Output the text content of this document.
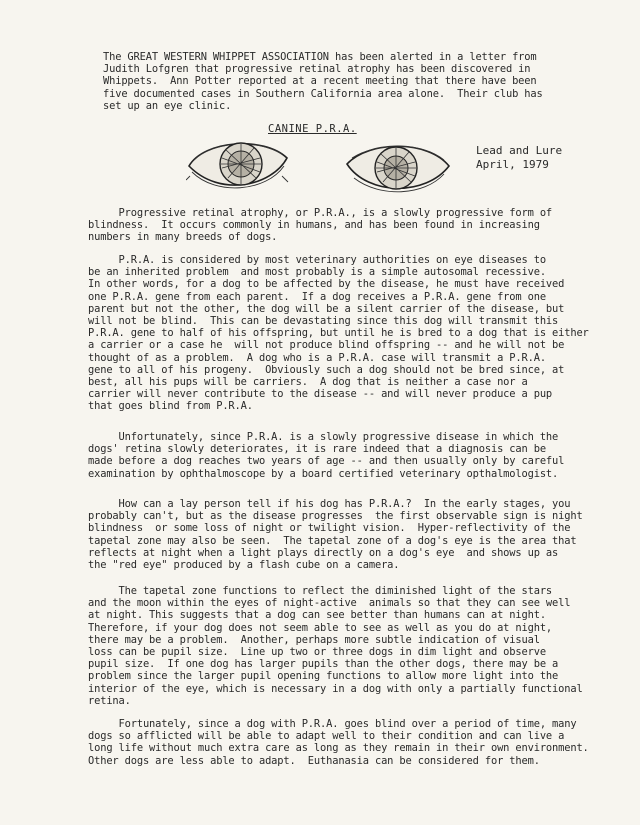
The GREAT WESTERN WHIPPET ASSOCIATION has been alerted in a letter from
Judith Lofgren that progressive retinal atrophy has been discovered in
Whippets.  Ann Potter reported at a recent meeting that there have been
five documented cases in Southern California area alone.  Their club has
set up an eye clinic.

CANINE P.R.A.
Lead and Lure
April, 1979

Progressive retinal atrophy, or P.R.A., is a slowly progressive form of
blindness.  It occurs commonly in humans, and has been found in increasing
numbers in many breeds of dogs.

P.R.A. is considered by most veterinary authorities on eye diseases to
be an inherited problem  and most probably is a simple autosomal recessive.
In other words, for a dog to be affected by the disease, he must have received
one P.R.A. gene from each parent.  If a dog receives a P.R.A. gene from one
parent but not the other, the dog will be a silent carrier of the disease, but
will not be blind.  This can be devastating since this dog will transmit this
P.R.A. gene to half of his offspring, but until he is bred to a dog that is either
a carrier or a case he  will not produce blind offspring -- and he will not be
thought of as a problem.  A dog who is a P.R.A. case will transmit a P.R.A.
gene to all of his progeny.  Obviously such a dog should not be bred since, at
best, all his pups will be carriers.  A dog that is neither a case nor a
carrier will never contribute to the disease -- and will never produce a pup
that goes blind from P.R.A.

Unfortunately, since P.R.A. is a slowly progressive disease in which the
dogs' retina slowly deteriorates, it is rare indeed that a diagnosis can be
made before a dog reaches two years of age -- and then usually only by careful
examination by ophthalmoscope by a board certified veterinary opthalmologist.

How can a lay person tell if his dog has P.R.A.?  In the early stages, you
probably can't, but as the disease progresses  the first observable sign is night
blindness  or some loss of night or twilight vision.  Hyper-reflectivity of the
tapetal zone may also be seen.  The tapetal zone of a dog's eye is the area that
reflects at night when a light plays directly on a dog's eye  and shows up as
the "red eye" produced by a flash cube on a camera.

The tapetal zone functions to reflect the diminished light of the stars
and the moon within the eyes of night-active  animals so that they can see well
at night. This suggests that a dog can see better than humans can at night.
Therefore, if your dog does not seem able to see as well as you do at night,
there may be a problem.  Another, perhaps more subtle indication of visual
loss can be pupil size.  Line up two or three dogs in dim light and observe
pupil size.  If one dog has larger pupils than the other dogs, there may be a
problem since the larger pupil opening functions to allow more light into the
interior of the eye, which is necessary in a dog with only a partially functional
retina.

Fortunately, since a dog with P.R.A. goes blind over a period of time, many
dogs so afflicted will be able to adapt well to their condition and can live a
long life without much extra care as long as they remain in their own environment.
Other dogs are less able to adapt.  Euthanasia can be considered for them.
